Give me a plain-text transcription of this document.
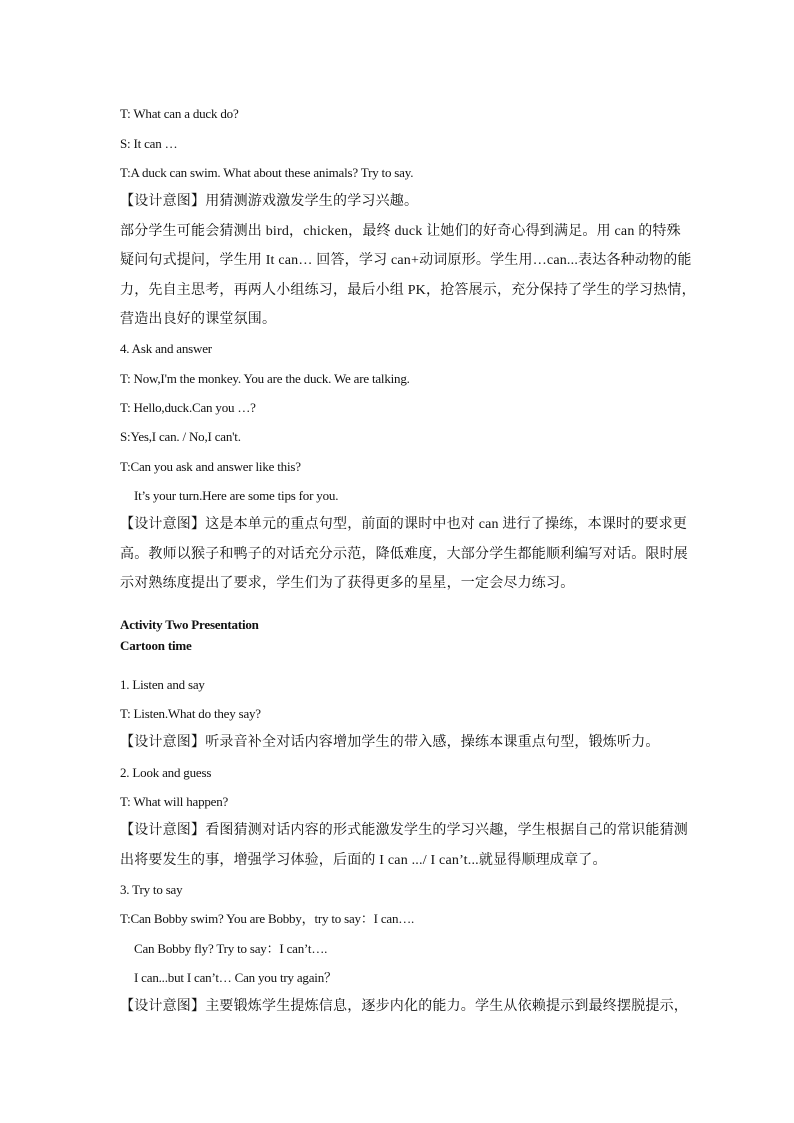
T: What can a duck do?
S: It can …
T:A duck can swim. What about these animals? Try to say.
【设计意图】用猜测游戏激发学生的学习兴趣。
部分学生可能会猜测出 bird，chicken，最终 duck 让她们的好奇心得到满足。用 can 的特殊
疑问句式提问，学生用 It can… 回答，学习 can+动词原形。学生用…can...表达各种动物的能
力，先自主思考，再两人小组练习，最后小组 PK，抢答展示，充分保持了学生的学习热情，
营造出良好的课堂氛围。
4. Ask and answer
T: Now,I'm the monkey. You are the duck. We are talking.
T: Hello,duck.Can you …?
S:Yes,I can. / No,I can't.
T:Can you ask and answer like this?
It’s your turn.Here are some tips for you.
【设计意图】这是本单元的重点句型，前面的课时中也对 can 进行了操练，本课时的要求更
高。教师以猴子和鸭子的对话充分示范，降低难度，大部分学生都能顺利编写对话。限时展
示对熟练度提出了要求，学生们为了获得更多的星星，一定会尽力练习。
Activity Two Presentation
Cartoon time
1. Listen and say
T: Listen.What do they say?
【设计意图】听录音补全对话内容增加学生的带入感，操练本课重点句型，锻炼听力。
2. Look and guess
T: What will happen?
【设计意图】看图猜测对话内容的形式能激发学生的学习兴趣，学生根据自己的常识能猜测
出将要发生的事，增强学习体验，后面的 I can .../ I can’t...就显得顺理成章了。
3. Try to say
T:Can Bobby swim? You are Bobby，try to say：I can….
Can Bobby fly? Try to say：I can’t….
I can...but I can’t… Can you try again？
【设计意图】主要锻炼学生提炼信息，逐步内化的能力。学生从依赖提示到最终摆脱提示，
